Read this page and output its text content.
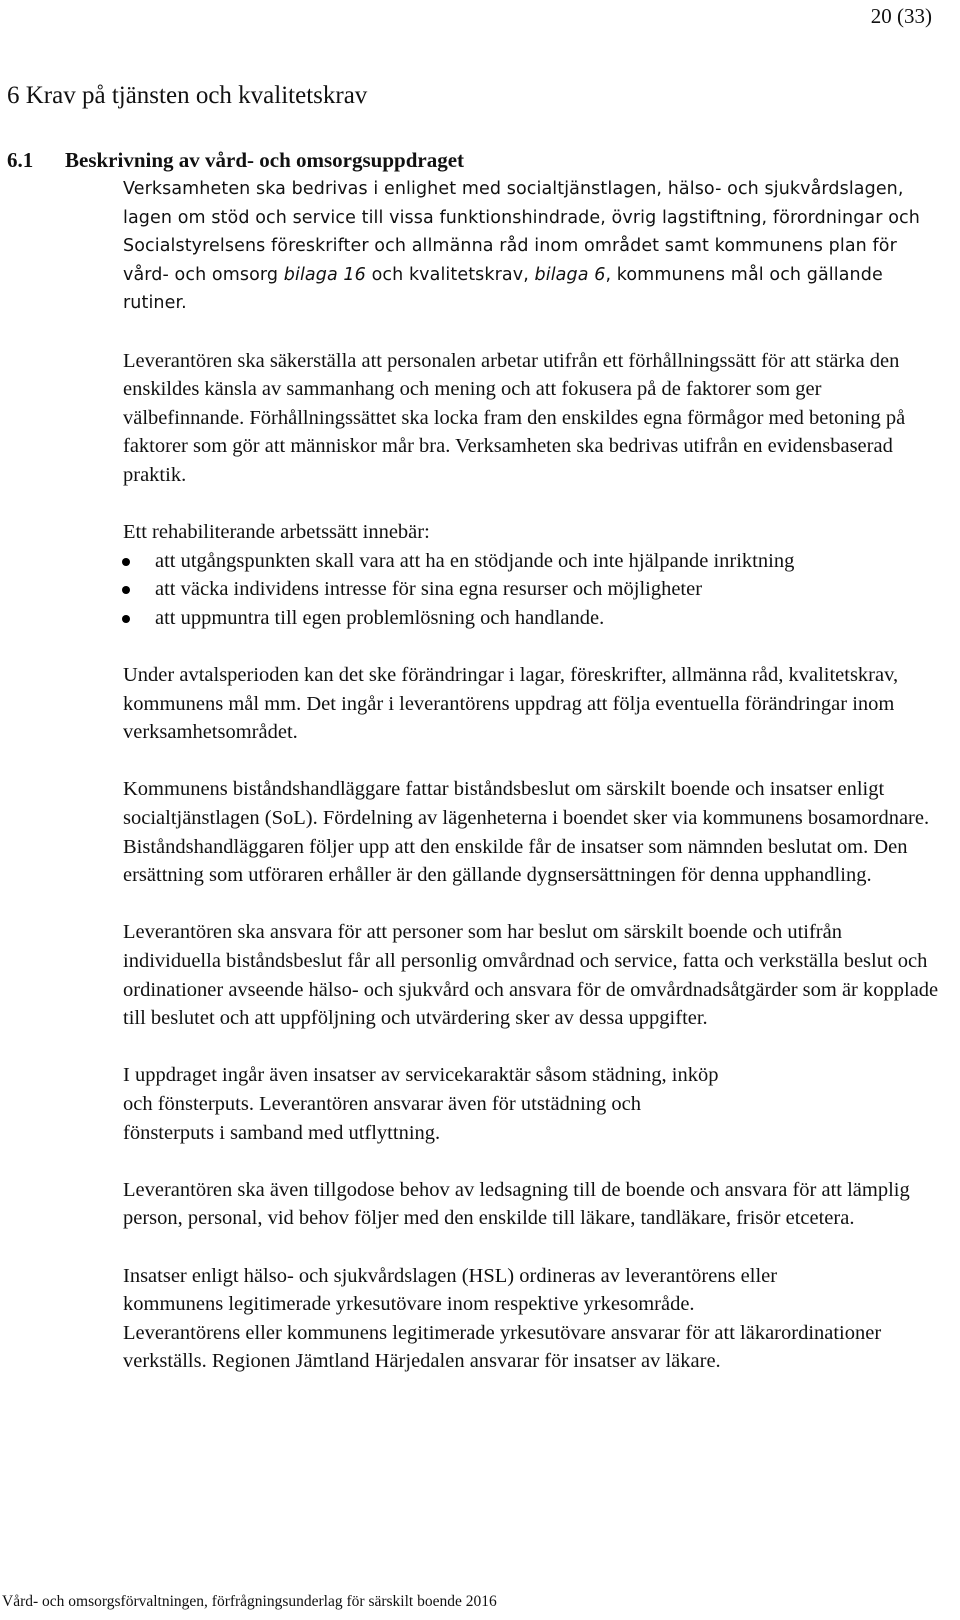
20 (33)
6 Krav på tjänsten och kvalitetskrav
6.1 Beskrivning av vård- och omsorgsuppdraget

Verksamheten ska bedrivas i enlighet med socialtjänstlagen, hälso- och sjukvårdslagen, lagen om stöd och service till vissa funktionshindrade, övrig lagstiftning, förordningar och Socialstyrelsens föreskrifter och allmänna råd inom området samt kommunens plan för vård- och omsorg bilaga 16 och kvalitetskrav, bilaga 6, kommunens mål och gällande rutiner.

Leverantören ska säkerställa att personalen arbetar utifrån ett förhållningssätt för att stärka den enskildes känsla av sammanhang och mening och att fokusera på de faktorer som ger välbefinnande. Förhållningssättet ska locka fram den enskildes egna förmågor med betoning på faktorer som gör att människor mår bra. Verksamheten ska bedrivas utifrån en evidensbaserad praktik.

Ett rehabiliterande arbetssätt innebär:

att utgångspunkten skall vara att ha en stödjande och inte hjälpande inriktning
att väcka individens intresse för sina egna resurser och möjligheter
att uppmuntra till egen problemlösning och handlande.

Under avtalsperioden kan det ske förändringar i lagar, föreskrifter, allmänna råd, kvalitetskrav, kommunens mål mm. Det ingår i leverantörens uppdrag att följa eventuella förändringar inom verksamhetsområdet.

Kommunens biståndshandläggare fattar biståndsbeslut om särskilt boende och insatser enligt socialtjänstlagen (SoL). Fördelning av lägenheterna i boendet sker via kommunens bosamordnare. Biståndshandläggaren följer upp att den enskilde får de insatser som nämnden beslutat om. Den ersättning som utföraren erhåller är den gällande dygnsersättningen för denna upphandling.

Leverantören ska ansvara för att personer som har beslut om särskilt boende och utifrån individuella biståndsbeslut får all personlig omvårdnad och service, fatta och verkställa beslut och ordinationer avseende hälso- och sjukvård och ansvara för de omvårdnadsåtgärder som är kopplade till beslutet och att uppföljning och utvärdering sker av dessa uppgifter.

I uppdraget ingår även insatser av servicekaraktär såsom städning, inköp
och fönsterputs. Leverantören ansvarar även för utstädning och
fönsterputs i samband med utflyttning.

Leverantören ska även tillgodose behov av ledsagning till de boende och ansvara för att lämplig person, personal, vid behov följer med den enskilde till läkare, tandläkare, frisör etcetera.

Insatser enligt hälso- och sjukvårdslagen (HSL) ordineras av leverantörens eller
kommunens legitimerade yrkesutövare inom respektive yrkesområde.
Leverantörens eller kommunens legitimerade yrkesutövare ansvarar för att läkarordinationer verkställs. Regionen Jämtland Härjedalen ansvarar för insatser av läkare.

Vård- och omsorgsförvaltningen, förfrågningsunderlag för särskilt boende 2016
